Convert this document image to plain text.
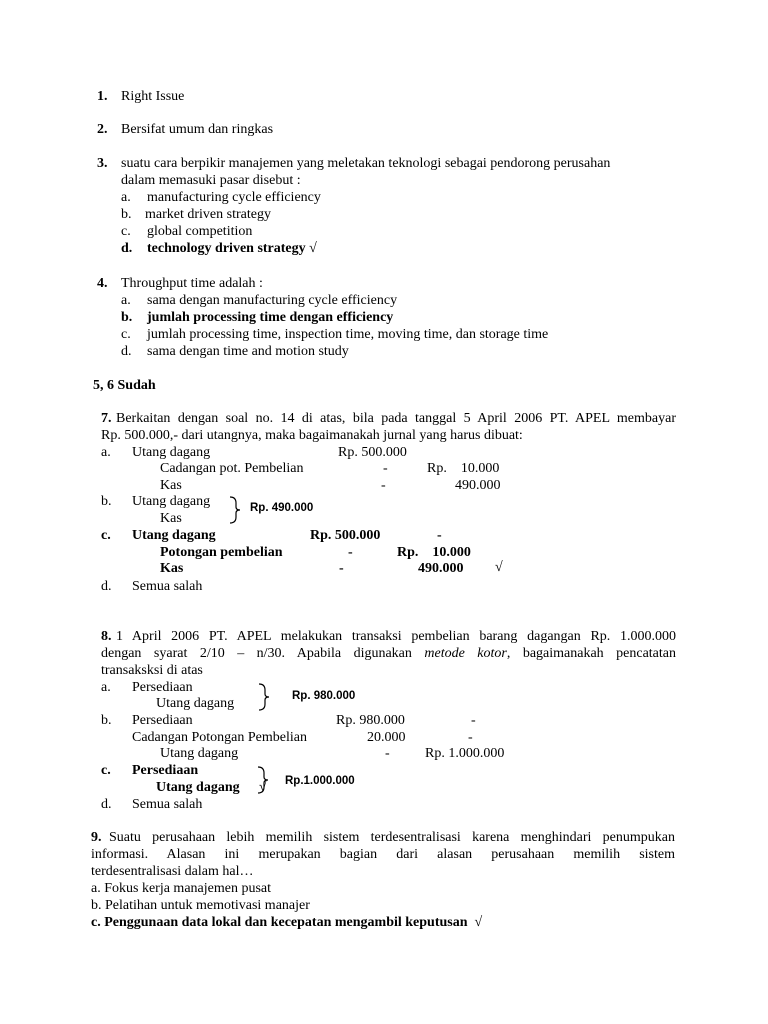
1. Right Issue
2. Bersifat umum dan ringkas
3. suatu cara berpikir manajemen yang meletakan teknologi sebagai pendorong perusahan
dalam memasuki pasar disebut :
a. manufacturing cycle efficiency
b. market driven strategy
c. global competition
d. technology driven strategy √
4. Throughput time adalah :
a. sama dengan manufacturing cycle efficiency
b. jumlah processing time dengan efficiency
c. jumlah processing time, inspection time, moving time, dan storage time
d. sama dengan time and motion study
5, 6 Sudah
7. Berkaitan dengan soal no. 14 di atas, bila pada tanggal 5 April 2006 PT. APEL membayar
Rp. 500.000,- dari utangnya, maka bagaimanakah jurnal yang harus dibuat:
a. Utang dagang	Rp. 500.000
Cadangan pot. Pembelian	-	Rp.    10.000
Kas	-	490.000
b. Utang dagang
Kas
Rp. 490.000
c. Utang dagang	Rp. 500.000	-
Potongan pembelian	-	Rp.    10.000
Kas	-	490.000 √
d. Semua salah
8. 1 April 2006 PT. APEL melakukan transaksi pembelian barang dagangan Rp. 1.000.000
dengan syarat 2/10 – n/30. Apabila digunakan metode kotor, bagaimanakah pencatatan
transaksksi di atas
a. Persediaan
Utang dagang	Rp. 980.000
b. Persediaan	Rp. 980.000	-
Cadangan Potongan Pembelian	20.000	-
Utang dagang	-	Rp. 1.000.000
c. Persediaan
Utang dagang √ Rp.1.000.000
d. Semua salah
9. Suatu perusahaan lebih memilih sistem terdesentralisasi karena menghindari penumpukan
informasi. Alasan ini merupakan bagian dari alasan perusahaan memilih sistem
terdesentralisasi dalam hal…
a. Fokus kerja manajemen pusat
b. Pelatihan untuk memotivasi manajer
c. Penggunaan data lokal dan kecepatan mengambil keputusan  √
